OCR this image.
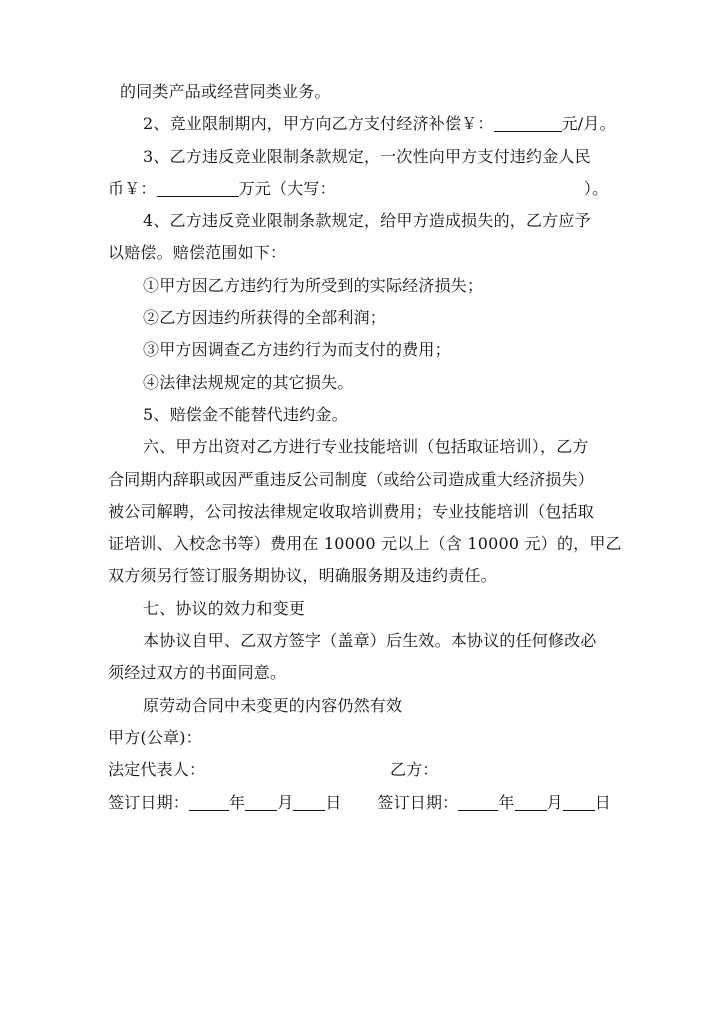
的同类产品或经营同类业务。
2、竞业限制期内，甲方向乙方支付经济补偿￥：	元/月。
3、乙方违反竞业限制条款规定，一次性向甲方支付违约金人民
币￥：	万元（大写：	）。
4、乙方违反竞业限制条款规定，给甲方造成损失的，乙方应予
以赔偿。赔偿范围如下：
①甲方因乙方违约行为所受到的实际经济损失；
②乙方因违约所获得的全部利润；
③甲方因调查乙方违约行为而支付的费用；
④法律法规规定的其它损失。
5、赔偿金不能替代违约金。
六、甲方出资对乙方进行专业技能培训（包括取证培训），乙方
合同期内辞职或因严重违反公司制度（或给公司造成重大经济损失）
被公司解聘，公司按法律规定收取培训费用；专业技能培训（包括取
证培训、入校念书等）费用在 10000 元以上（含 10000 元）的，甲乙
双方须另行签订服务期协议，明确服务期及违约责任。
七、协议的效力和变更
本协议自甲、乙双方签字（盖章）后生效。本协议的任何修改必
须经过双方的书面同意。
原劳动合同中未变更的内容仍然有效
甲方(公章)：
法定代表人：	乙方：
签订日期：	年 月 日	签订日期：	年 月 日
